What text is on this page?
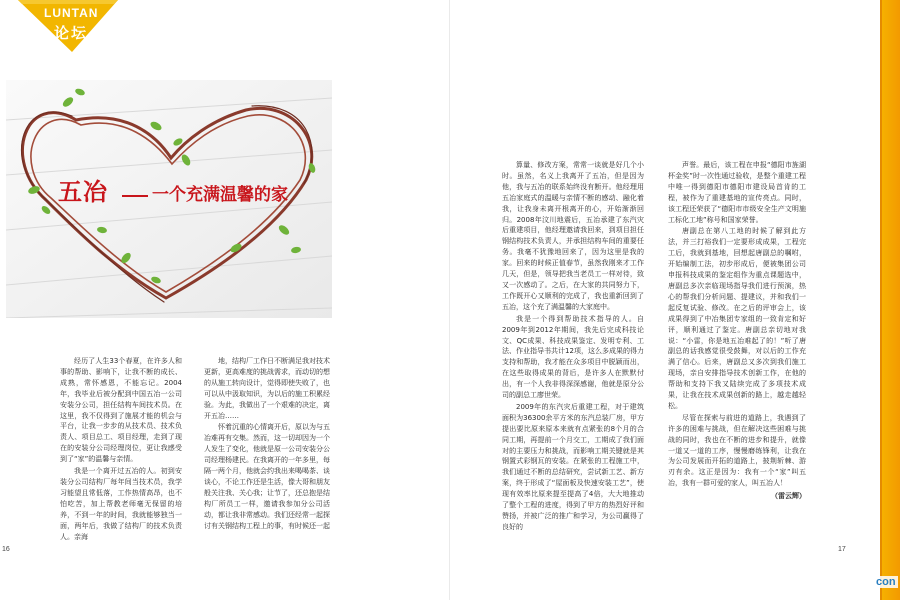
LUNTAN
论坛
五冶	一个充满温馨的家

经历了人生33个春夏，在许多人和事的帮助、影响下，让我不断的成长、成熟，常怀感恩，不能忘记。2004年，我毕业后被分配到中国五冶一公司安装分公司，担任结构车间技术员。在这里，我不仅得到了施展才能的机会与平台，让我一步步的从技术员、技术负责人、项目总工、项目经理，走到了现在的安装分公司经理岗位，更让我感受到了“家”的温馨与亲情。

我是一个离开过五冶的人。初到安装分公司结构厂每年间当技术员，我学习能望且常低落，工作热情高昂，也不怕吃苦，加上帮教老师毫无保留的培养，不到一年的时间，我就能够独当一面，两年后，我做了结构厂的技术负责人。亲海

地，结构厂工作日不断满足我对技术更新，更高难度的挑战需求，而动切的想的从施工转向设计，觉得即使失败了，也可以从中汲取知识，为以后的施工积累经验。为此，我做出了一个艰难的决定，离开五冶……

怀着沉重的心情离开后，原以为与五冶难再有交集。然而，这一切却因为一个人发生了变化，他就是原一公司安装分公司经理杨建民。在我离开的一年多里，每隔一两个月，他就会约我出来喝喝茶、谈谈心，不论工作还是生活，像大哥和朋友般关注我、关心我；让节了，还总抱是结构厂所员工一样，邀请我参加分公司活动，都让我非常感动。我们还经常一起探讨有关钢结构工程上的事，有时候还一起

16

算量、修改方案，常常一谈就是好几个小时。虽然，名义上我离开了五冶，但是因为他，我与五冶的联系始终没有断开。他经理用五冶家庭式的温暖与亲情不断的感动、融化着我，让我身未离开根离开的心，开始渐渐回归。2008年汶川地震后，五冶承建了东汽灾后重建项目，他经理邀请我回来，到项目担任钢结构技术负责人，并承担结构车间的重要任务。我毫不犹豫地回来了，因为这里是我的家。回来的时候正值春节，虽然我刚来才工作几天，但是，领导把我当老员工一样对待，致又一次感动了。之后，在大家的共同努力下，工作既开心又顺利的完成了，我也重新回到了五冶，这个充了满温馨的大家庭中。

我是一个得到帮助技术指导的人。自2009年到2012年期间，我先后完成科技论文、QC成果、科技成果鉴定、发明专利、工法、作业指导书共计12项，这么多成果的得力支持和帮助，我才能在众多项目中脱颖而出，在这些取得成果的背后，是许多人在默默付出，有一个人我非得深深感谢，他就是原分公司的副总工廖世荣。

2009年的东汽灾后重建工程，对于建筑面积为36300余平方米的东汽总装厂房，甲方提出要比原来原本来就有点紧张的8个月的合同工期，再提前一个月交工，工期成了我们面对的主要压力和挑战，而影响工期关键就是其钢置式彩钢瓦的安装。在紧张的工程施工中，我们通过不断的总结研究，尝试新工艺、新方案，终于形成了“屋面板及快速安装工艺”，使现有效率比原来提至提高了4倍，大大地推动了整个工程的进度，得到了甲方的热烈好评和赞扬，并被广泛的推广和学习，为公司赢得了良好的

声誉。最后，该工程在申报“德阳市旌湖杯金奖”时一次性通过验收，是整个重建工程中唯一得到德阳市德阳市建设局首肯的工程，被作为了重建基地的宣传亮点。同时，该工程还荣获了“德阳市市级安全生产文明施工标化工地”称号和国家荣誉。

唐副总在第八工地的时候了解到此方法，并三打裕我们一定要形成成果，工程完工后，我就到基地，回想起唐副总的嘱咐，开始编制工法，初步形成后，便被集团公司申报科技成果的鉴定组作为重点课题选中，唐副总多次亲临现场指导我们进行预演，热心的帮我们分析问题、提建议，并和我们一起反复试验、修改。在之后的评审会上，该成果得到了中冶集团专家组的一致肯定和好评，顺利通过了鉴定。唐副总亲切地对我说：“小雷，你是地五冶难起了的！”听了唐副总的话我感觉很受鼓舞，对以后的工作充满了信心。后来，唐副总又多次到我们施工现场，亲自安排指导技术创新工作，在他的帮助和支持下我又陆续完成了多项技术成果，让我在技术成果创新的路上，越走越轻松。

尽管在探索与前进的道路上，我遇到了许多的困难与挑战，但在解决这些困难与挑战的同时，我也在不断的进步和提升，就像一道又一道的工序，慢慢磨练锋利，让我在为公司发展而开拓的道路上，披荆斩棘、游刃有余。这正是因为：我有一个“家”叫五冶，我有一群可爱的家人，叫五冶人！

（雷云辉）

17
con
